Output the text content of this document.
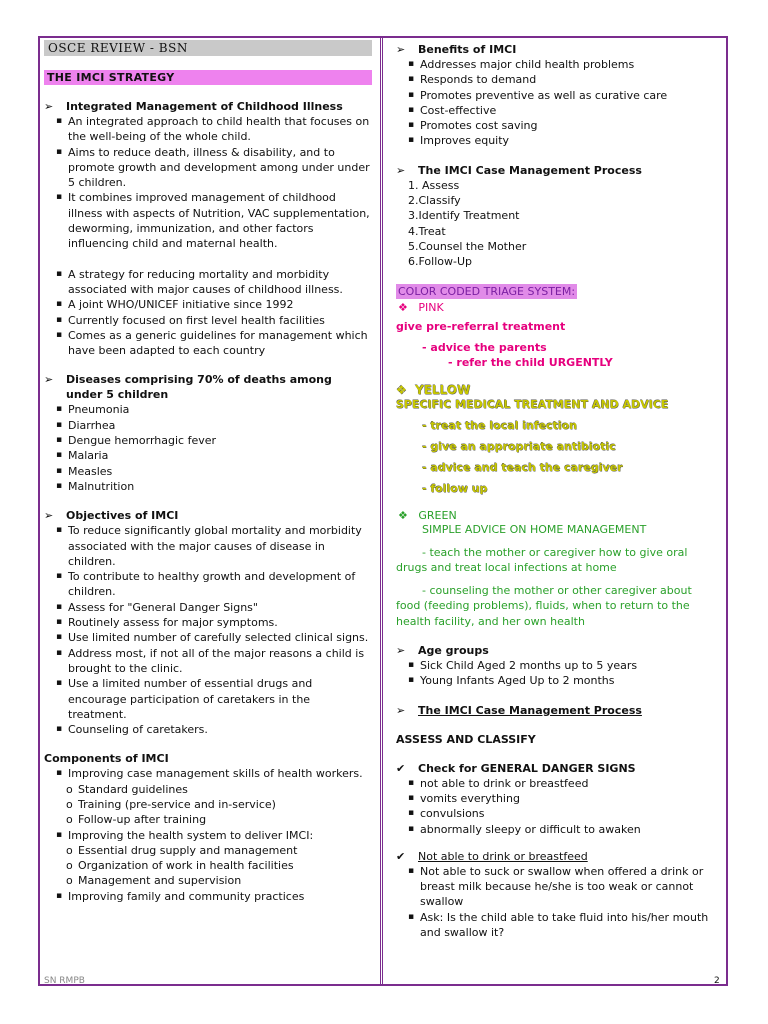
OSCE REVIEW - BSN
THE IMCI STRATEGY
➢ Integrated Management of Childhood Illness
▪ An integrated approach to child health that focuses on the well-being of the whole child.
▪ Aims to reduce death, illness & disability, and to promote growth and development among under under 5 children.
▪ It combines improved management of childhood illness with aspects of Nutrition, VAC supplementation, deworming, immunization, and other factors influencing child and maternal health.
▪ A strategy for reducing mortality and morbidity associated with major causes of childhood illness.
▪ A joint WHO/UNICEF initiative since 1992
▪ Currently focused on first level health facilities
▪ Comes as a generic guidelines for management which have been adapted to each country
➢ Diseases comprising 70% of deaths among under 5 children
▪ Pneumonia
▪ Diarrhea
▪ Dengue hemorrhagic fever
▪ Malaria
▪ Measles
▪ Malnutrition
➢ Objectives of IMCI
▪ To reduce significantly global mortality and morbidity associated with the major causes of disease in children.
▪ To contribute to healthy growth and development of children.
▪ Assess for "General Danger Signs"
▪ Routinely assess for major symptoms.
▪ Use limited number of carefully selected clinical signs.
▪ Address most, if not all of the major reasons a child is brought to the clinic.
▪ Use a limited number of essential drugs and encourage participation of caretakers in the treatment.
▪ Counseling of caretakers.
Components of IMCI
▪ Improving case management skills of health workers.
o Standard guidelines
o Training (pre-service and in-service)
o Follow-up after training
▪ Improving the health system to deliver IMCI:
o Essential drug supply and management
o Organization of work in health facilities
o Management and supervision
▪ Improving family and community practices
➢ Benefits of IMCI
▪ Addresses major child health problems
▪ Responds to demand
▪ Promotes preventive as well as curative care
▪ Cost-effective
▪ Promotes cost saving
▪ Improves equity
➢ The IMCI Case Management Process
1. Assess
2.Classify
3.Identify Treatment
4.Treat
5.Counsel the Mother
6.Follow-Up
COLOR CODED TRIAGE SYSTEM:
❖ PINK
give pre-referral treatment
- advice the parents
- refer the child URGENTLY
❖ YELLOW
SPECIFIC MEDICAL TREATMENT AND ADVICE
- treat the local infection
- give an appropriate antibiotic
- advice and teach the caregiver
- follow up
❖ GREEN
SIMPLE ADVICE ON HOME MANAGEMENT
- teach the mother or caregiver how to give oral drugs and treat local infections at home
- counseling the mother or other caregiver about food (feeding problems), fluids, when to return to the health facility, and her own health
➢ Age groups
▪ Sick Child Aged 2 months up to 5 years
▪ Young Infants Aged Up to 2 months
➢ The IMCI Case Management Process
ASSESS AND CLASSIFY
✔ Check for GENERAL DANGER SIGNS
▪ not able to drink or breastfeed
▪ vomits everything
▪ convulsions
▪ abnormally sleepy or difficult to awaken
✔ Not able to drink or breastfeed
▪ Not able to suck or swallow when offered a drink or breast milk because he/she is too weak or cannot swallow
▪ Ask: Is the child able to take fluid into his/her mouth and swallow it?
SN RMPB	2
